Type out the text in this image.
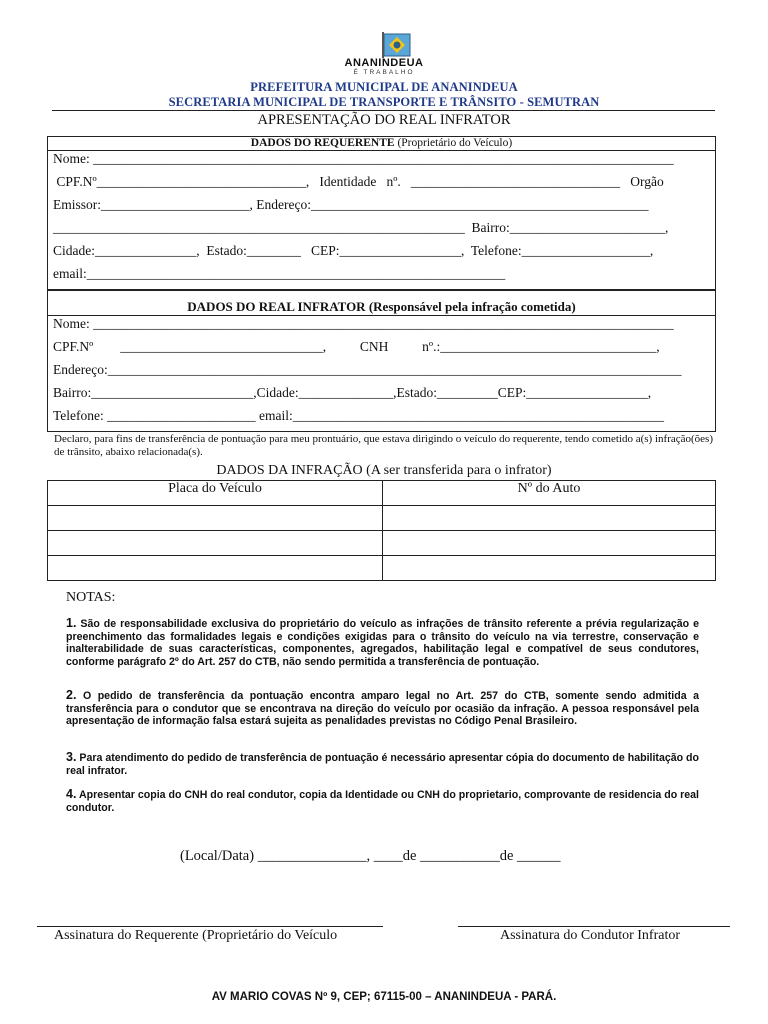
ANANINDEUA
É TRABALHO
PREFEITURA MUNICIPAL DE ANANINDEUA
SECRETARIA MUNICIPAL DE TRANSPORTE E TRÂNSITO - SEMUTRAN
APRESENTAÇÃO DO REAL INFRATOR
DADOS DO REQUERENTE (Proprietário do Veículo)
Nome: ______________________________________________________________________________________
CPF.Nº_______________________________,   Identidade   nº.   _______________________________   Orgão
Emissor:______________________, Endereço:__________________________________________________
_____________________________________________________________  Bairro:_______________________,
Cidade:_______________,  Estado:________   CEP:__________________,  Telefone:___________________,
email:______________________________________________________________
DADOS DO REAL INFRATOR (Responsável pela infração cometida)
Nome: ______________________________________________________________________________________
CPF.Nº        ______________________________,          CNH          nº.:________________________________,
Endereço:_____________________________________________________________________________________
Bairro:________________________,Cidade:______________,Estado:_________CEP:__________________,
Telefone: ______________________ email:_______________________________________________________
Declaro, para fins de transferência de pontuação para meu prontuário, que estava dirigindo o veículo do requerente, tendo cometido a(s) infração(ões) de trânsito, abaixo relacionada(s).
DADOS DA INFRAÇÃO (A ser transferida para o infrator)
Placa do Veículo	Nº do Auto

NOTAS:
1. São de responsabilidade exclusiva do proprietário do veículo as infrações de trânsito referente a prévia regularização e preenchimento das formalidades legais e condições exigidas para o trânsito do veículo na via terrestre, conservação e inalterabilidade de suas características, componentes, agregados, habilitação legal e compatível de seus condutores, conforme parágrafo 2º do Art. 257 do CTB, não sendo permitida a transferência de pontuação.
2. O pedido de transferência da pontuação encontra amparo legal no Art. 257 do CTB, somente sendo admitida a transferência para o condutor que se encontrava na direção do veículo por ocasião da infração. A pessoa responsável pela apresentação de informação falsa estará sujeita as penalidades previstas no Código Penal Brasileiro.
3. Para atendimento do pedido de transferência de pontuação é necessário apresentar cópia do documento de habilitação do real infrator.
4. Apresentar copia do CNH do real condutor, copia da Identidade ou CNH do proprietario, comprovante de residencia do real condutor.
(Local/Data) _______________, ____de ___________de ______
Assinatura do Requerente (Proprietário do Veículo	Assinatura do Condutor Infrator
AV MARIO COVAS Nº 9, CEP; 67115-00 – ANANINDEUA - PARÁ.
